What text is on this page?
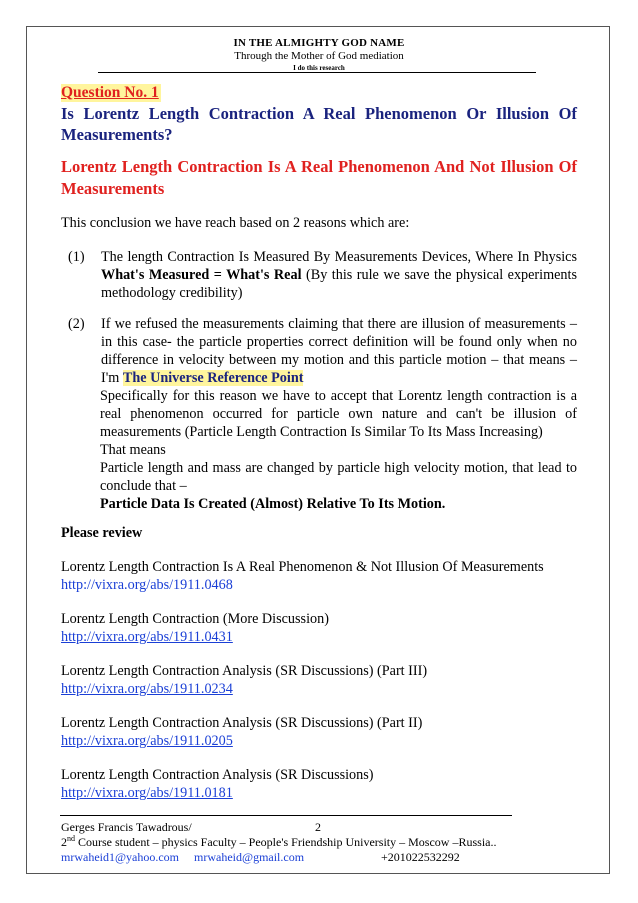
IN THE ALMIGHTY GOD NAME
Through the Mother of God mediation
I do this research
Question No. 1
Is Lorentz Length Contraction A Real Phenomenon Or Illusion Of Measurements?
Lorentz Length Contraction Is A Real Phenomenon And Not Illusion Of Measurements
This conclusion we have reach based on 2 reasons which are:
(1) The length Contraction Is Measured By Measurements Devices, Where In Physics What's Measured = What's Real (By this rule we save the physical experiments methodology credibility)
(2) If we refused the measurements claiming that there are illusion of measurements – in this case- the particle properties correct definition will be found only when no difference in velocity between my motion and this particle motion – that means – I'm The Universe Reference Point
Specifically for this reason we have to accept that Lorentz length contraction is a real phenomenon occurred for particle own nature and can't be illusion of measurements (Particle Length Contraction Is Similar To Its Mass Increasing)
That means
Particle length and mass are changed by particle high velocity motion, that lead to conclude that –
Particle Data Is Created (Almost) Relative To Its Motion.
Please review
Lorentz Length Contraction Is A Real Phenomenon & Not Illusion Of Measurements
http://vixra.org/abs/1911.0468
Lorentz Length Contraction (More Discussion)
http://vixra.org/abs/1911.0431
Lorentz Length Contraction Analysis (SR Discussions) (Part III)
http://vixra.org/abs/1911.0234
Lorentz Length Contraction Analysis (SR Discussions) (Part II)
http://vixra.org/abs/1911.0205
Lorentz Length Contraction Analysis (SR Discussions)
http://vixra.org/abs/1911.0181
Gerges Francis Tawadrous/	2
2nd Course student – physics Faculty – People's Friendship University – Moscow –Russia..
mrwaheid1@yahoo.com mrwaheid@gmail.com	+201022532292
